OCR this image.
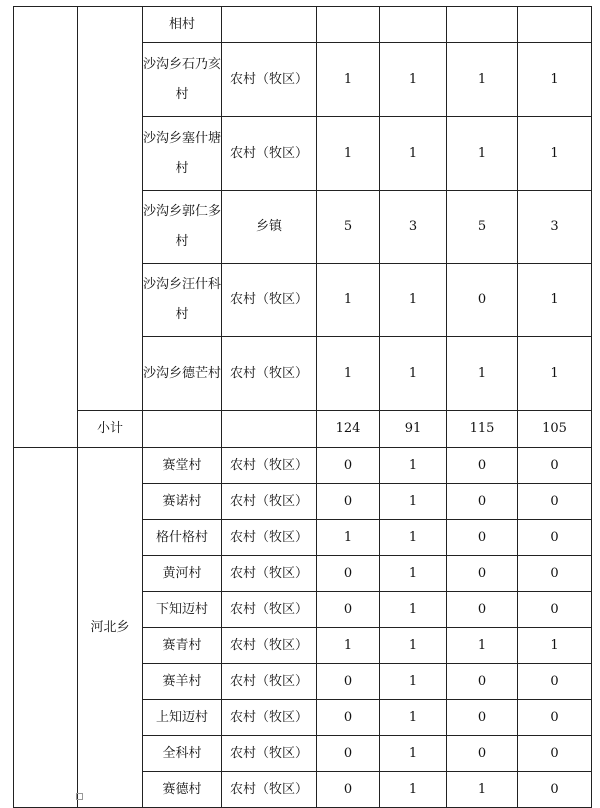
		相村					
		沙沟乡石乃亥村	农村（牧区）	1	1	1	1
		沙沟乡塞什塘村	农村（牧区）	1	1	1	1
		沙沟乡郭仁多村	乡镇	5	3	5	3
		沙沟乡汪什科村	农村（牧区）	1	1	0	1
		沙沟乡德芒村	农村（牧区）	1	1	1	1
	小计			124	91	115	105
	河北乡	赛堂村	农村（牧区）	0	1	0	0
		赛诺村	农村（牧区）	0	1	0	0
		格什格村	农村（牧区）	1	1	0	0
		黄河村	农村（牧区）	0	1	0	0
		下知迈村	农村（牧区）	0	1	0	0
		赛青村	农村（牧区）	1	1	1	1
		赛羊村	农村（牧区）	0	1	0	0
		上知迈村	农村（牧区）	0	1	0	0
		全科村	农村（牧区）	0	1	0	0
		赛德村	农村（牧区）	0	1	1	0
